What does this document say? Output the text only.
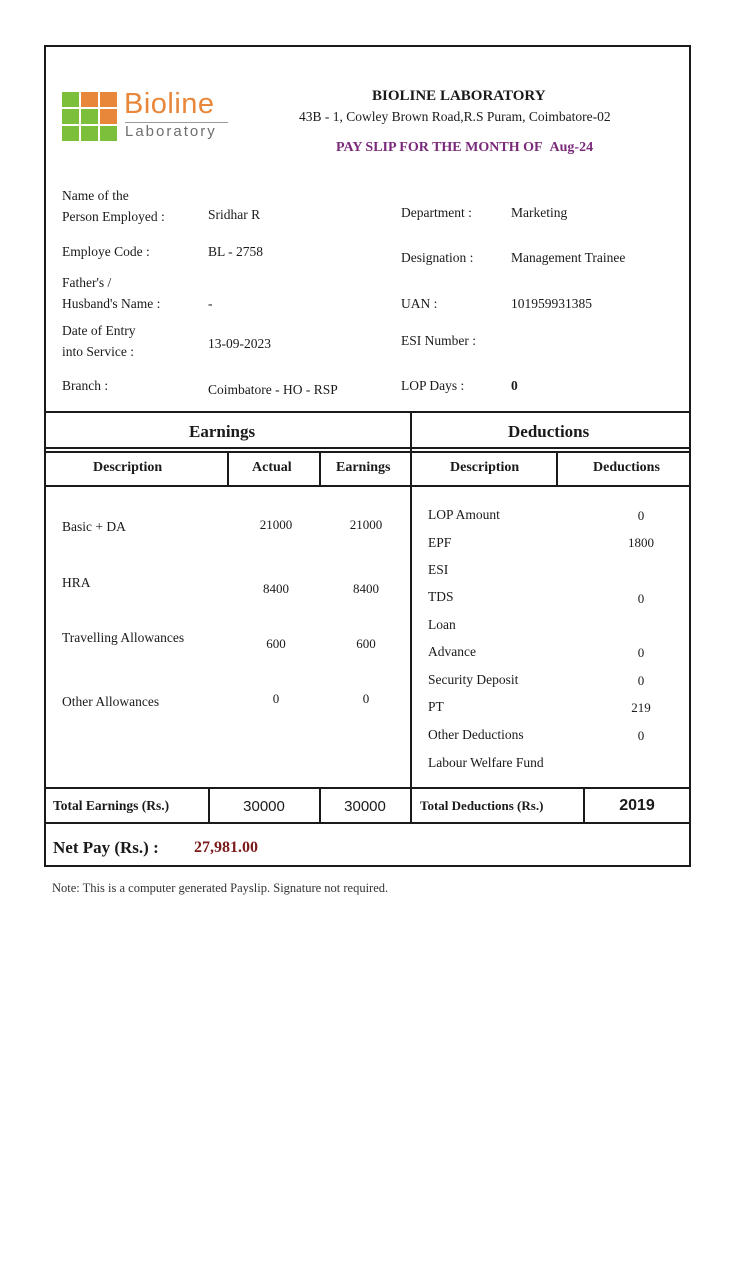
Bioline
Laboratory
BIOLINE LABORATORY
43B - 1, Cowley Brown Road,R.S Puram, Coimbatore-02
PAY SLIP FOR THE MONTH OF Aug-24
Name of the
Person Employed :	Sridhar R
Employe Code :	BL - 2758
Father's /
Husband's Name :	-
Date of Entry
into Service :
13-09-2023
Branch :	Coimbatore - HO - RSP
Department :	Marketing
Designation :	Management Trainee
UAN :	101959931385
ESI Number :
LOP Days :	0
Earnings	Deductions
Description	Actual	Earnings	Description	Deductions
Basic + DA	21000	21000
HRA	8400	8400
Travelling Allowances	600	600
Other Allowances	0	0
LOP Amount	0
EPF	1800
ESI
TDS	0
Loan
Advance	0
Security Deposit	0
PT	219
Other Deductions	0
Labour Welfare Fund
Total Earnings (Rs.)	30000	30000	Total Deductions (Rs.)	2019
Net Pay (Rs.) : 27,981.00
Note: This is a computer generated Payslip. Signature not required.
